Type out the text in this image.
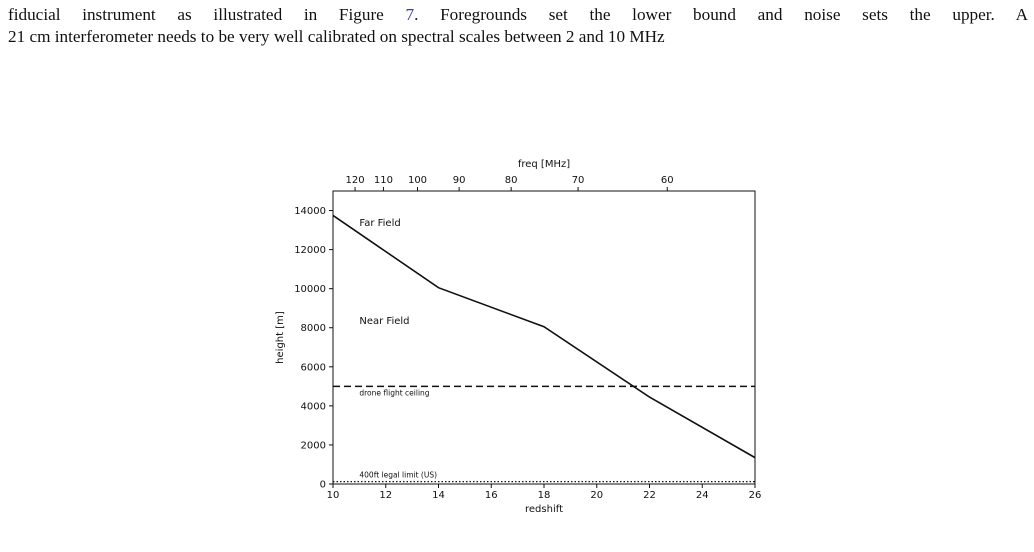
fiducial instrument as illustrated in Figure 7. Foregrounds set the lower bound and noise sets the upper. A
21 cm interferometer needs to be very well calibrated on spectral scales between 2 and 10 MHz
10	12	14	16	18	20	22	24	26
0
2000
4000
6000
8000
10000
12000
14000
120 110 100	90	80	70	60
redshift
freq [MHz]
height [m]
drone flight ceiling
400ft legal limit (US)
Far Field
Near Field
